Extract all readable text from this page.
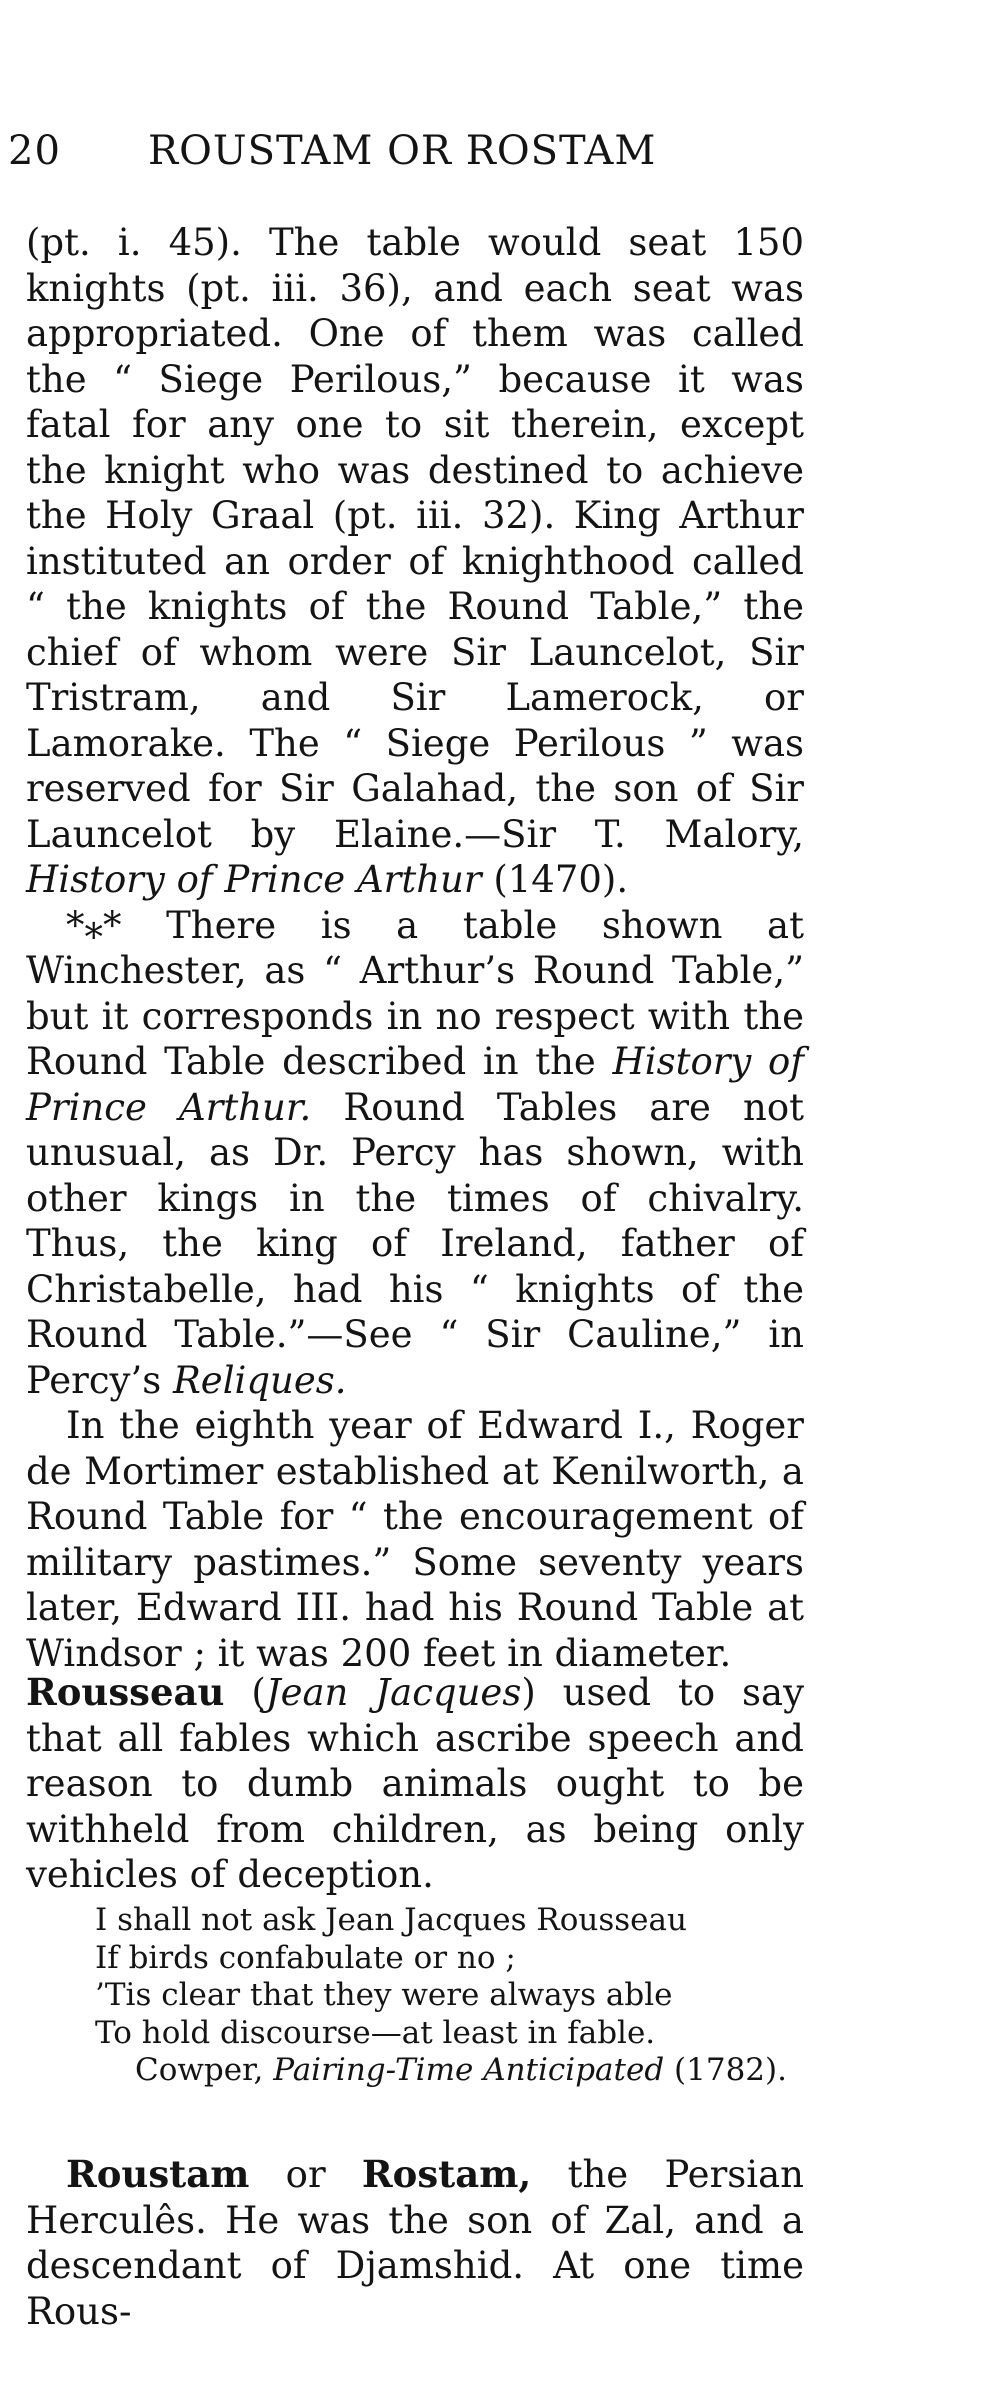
20 ROUSTAM OR ROSTAM

(pt. i. 45). The table would seat 150 knights (pt. iii. 36), and each seat was appropriated. One of them was called the “ Siege Perilous,” because it was fatal for any one to sit therein, except the knight who was destined to achieve the Holy Graal (pt. iii. 32). King Arthur instituted an order of knighthood called “ the knights of the Round Table,” the chief of whom were Sir Launcelot, Sir Tristram, and Sir Lamerock, or Lamorake. The “ Siege Perilous ” was reserved for Sir Galahad, the son of Sir Launcelot by Elaine.—Sir T. Malory, History of Prince Arthur (1470).

*⁎* There is a table shown at Winchester, as “ Arthur’s Round Table,” but it corresponds in no respect with the Round Table described in the History of Prince Arthur. Round Tables are not unusual, as Dr. Percy has shown, with other kings in the times of chivalry. Thus, the king of Ireland, father of Christabelle, had his “ knights of the Round Table.”—See “ Sir Cauline,” in Percy’s Reliques.

In the eighth year of Edward I., Roger de Mortimer established at Kenilworth, a Round Table for “ the encouragement of military pastimes.” Some seventy years later, Edward III. had his Round Table at Windsor ; it was 200 feet in diameter.

Rousseau (Jean Jacques) used to say that all fables which ascribe speech and reason to dumb animals ought to be withheld from children, as being only vehicles of deception.

I shall not ask Jean Jacques Rousseau
If birds confabulate or no ;
’Tis clear that they were always able
To hold discourse—at least in fable.
Cowper, Pairing-Time Anticipated (1782).

Roustam or Rostam, the Persian Herculês. He was the son of Zal, and a descendant of Djamshid. At one time Rous-
